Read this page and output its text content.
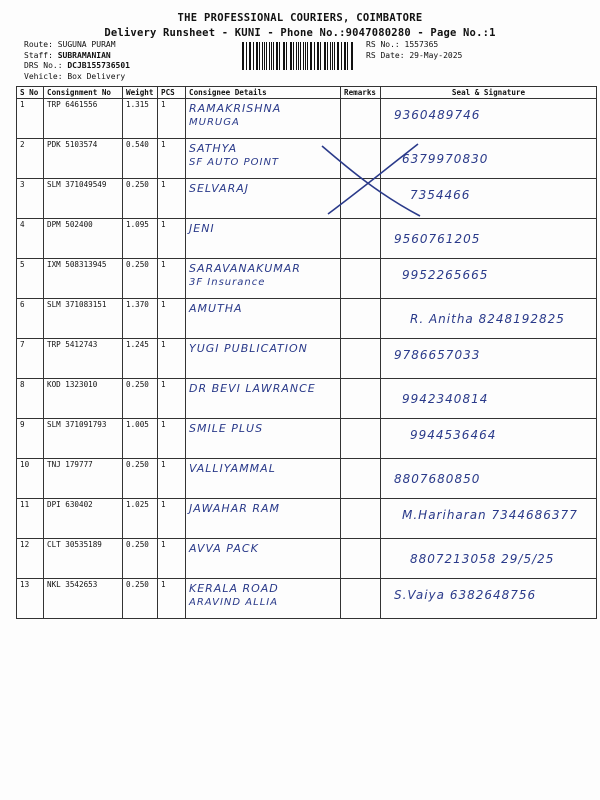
THE PROFESSIONAL COURIERS, COIMBATORE
Delivery Runsheet - KUNI - Phone No.:9047080280 - Page No.:1
Route: SUGUNA PURAM
Staff: SUBRAMANIAN
DRS No.: DCJB155736501
Vehicle: Box Delivery
RS No.: 1557365
RS Date: 29-May-2025
S No	Consignment No	Weight	PCS	Consignee Details	Remarks	Seal & Signature
1	TRP 6461556	1.315	1	RAMAKRISHNA
MURUGA		9360489746

2	PDK 5103574	0.540	1	SATHYA
SF AUTO POINT		6379970830

3	SLM 371049549	0.250	1	SELVARAJ		7354466

4	DPM 502400	1.095	1	JENI		9560761205

5	IXM 508313945	0.250	1	SARAVANAKUMAR
3F Insurance		9952265665

6	SLM 371083151	1.370	1	AMUTHA		R. Anitha 8248192825

7	TRP 5412743	1.245	1	YUGI PUBLICATION		9786657033

8	KOD 1323010	0.250	1	DR BEVI LAWRANCE		9942340814

9	SLM 371091793	1.005	1	SMILE PLUS		9944536464

10	TNJ 179777	0.250	1	VALLIYAMMAL		8807680850

11	DPI 630402	1.025	1	JAWAHAR RAM		M.Hariharan 7344686377

12	CLT 30535189	0.250	1	AVVA PACK		8807213058 29/5/25

13	NKL 3542653	0.250	1	KERALA ROAD
ARAVIND ALLIA		S.Vaiya 6382648756
